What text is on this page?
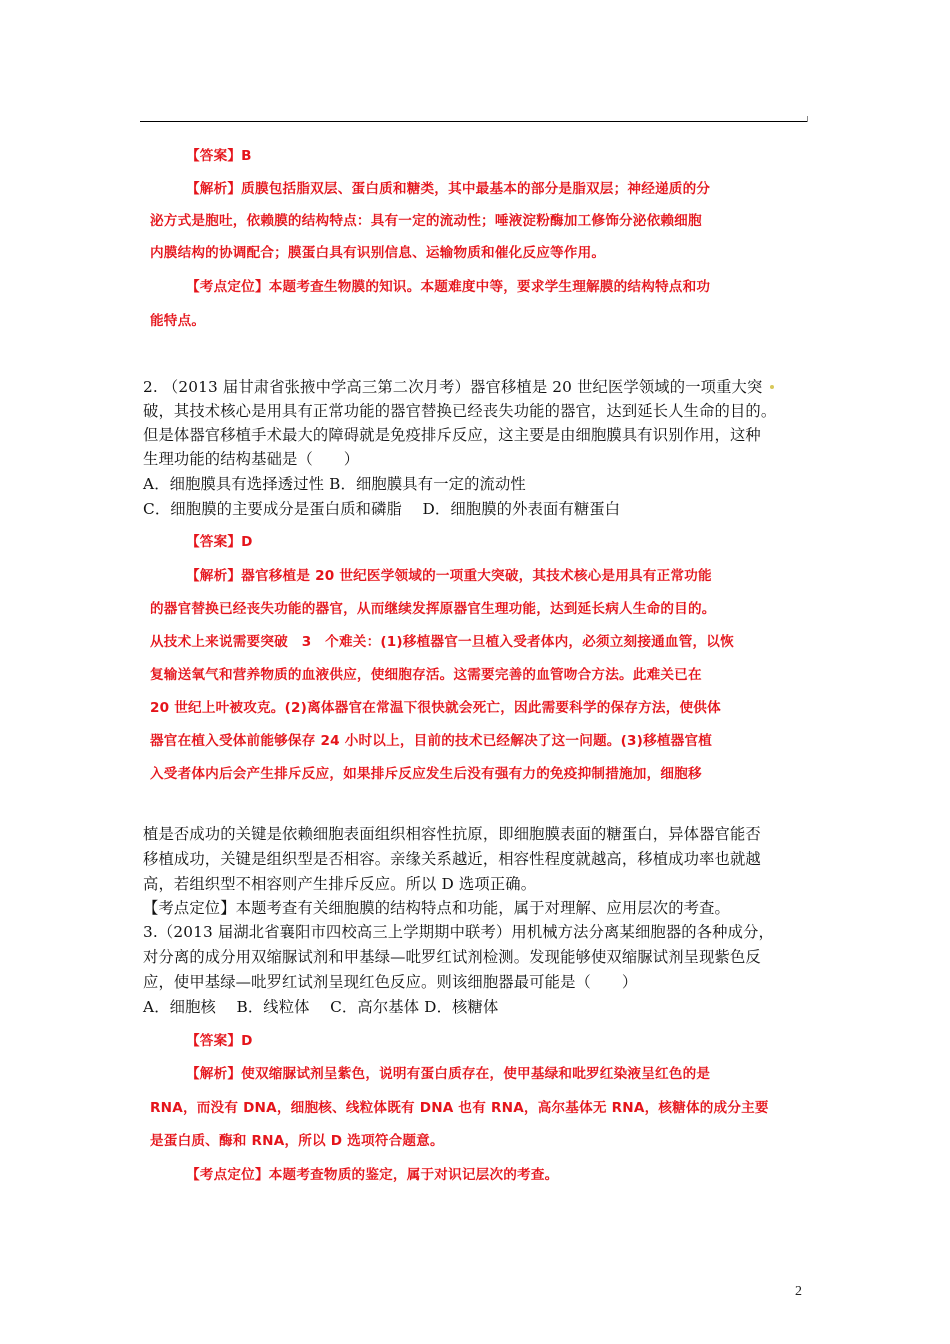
【答案】B
【解析】质膜包括脂双层、蛋白质和糖类，其中最基本的部分是脂双层；神经递质的分
泌方式是胞吐，依赖膜的结构特点：具有一定的流动性；唾液淀粉酶加工修饰分泌依赖细胞
内膜结构的协调配合；膜蛋白具有识别信息、运输物质和催化反应等作用。
【考点定位】本题考查生物膜的知识。本题难度中等，要求学生理解膜的结构特点和功
能特点。
2. （2013 届甘肃省张掖中学高三第二次月考）器官移植是 20 世纪医学领域的一项重大突
破，其技术核心是用具有正常功能的器官替换已经丧失功能的器官，达到延长人生命的目的。
但是体器官移植手术最大的障碍就是免疫排斥反应，这主要是由细胞膜具有识别作用，这种
生理功能的结构基础是（　　）
A．细胞膜具有选择透过性 B．细胞膜具有一定的流动性
C．细胞膜的主要成分是蛋白质和磷脂　 D．细胞膜的外表面有糖蛋白
【答案】D
【解析】器官移植是 20 世纪医学领域的一项重大突破，其技术核心是用具有正常功能
的器官替换已经丧失功能的器官，从而继续发挥原器官生理功能，达到延长病人生命的目的。
从技术上来说需要突破　3　个难关：(1)移植器官一旦植入受者体内，必须立刻接通血管，以恢
复输送氧气和营养物质的血液供应，使细胞存活。这需要完善的血管吻合方法。此难关已在
20 世纪上叶被攻克。(2)离体器官在常温下很快就会死亡，因此需要科学的保存方法，使供体
器官在植入受体前能够保存 24 小时以上，目前的技术已经解决了这一问题。(3)移植器官植
入受者体内后会产生排斥反应，如果排斥反应发生后没有强有力的免疫抑制措施加，细胞移
植是否成功的关键是依赖细胞表面组织相容性抗原，即细胞膜表面的糖蛋白，异体器官能否
移植成功，关键是组织型是否相容。亲缘关系越近，相容性程度就越高，移植成功率也就越
高，若组织型不相容则产生排斥反应。所以 D 选项正确。
【考点定位】本题考查有关细胞膜的结构特点和功能，属于对理解、应用层次的考查。
3.（2013 届湖北省襄阳市四校高三上学期期中联考）用机械方法分离某细胞器的各种成分，
对分离的成分用双缩脲试剂和甲基绿—吡罗红试剂检测。发现能够使双缩脲试剂呈现紫色反
应，使甲基绿—吡罗红试剂呈现红色反应。则该细胞器最可能是（　　）
A．细胞核　 B．线粒体　 C．高尔基体 D．核糖体
【答案】D
【解析】使双缩脲试剂呈紫色，说明有蛋白质存在，使甲基绿和吡罗红染液呈红色的是
RNA，而没有 DNA，细胞核、线粒体既有 DNA 也有 RNA，高尔基体无 RNA，核糖体的成分主要
是蛋白质、酶和 RNA，所以 D 选项符合题意。
【考点定位】本题考查物质的鉴定，属于对识记层次的考查。
2
